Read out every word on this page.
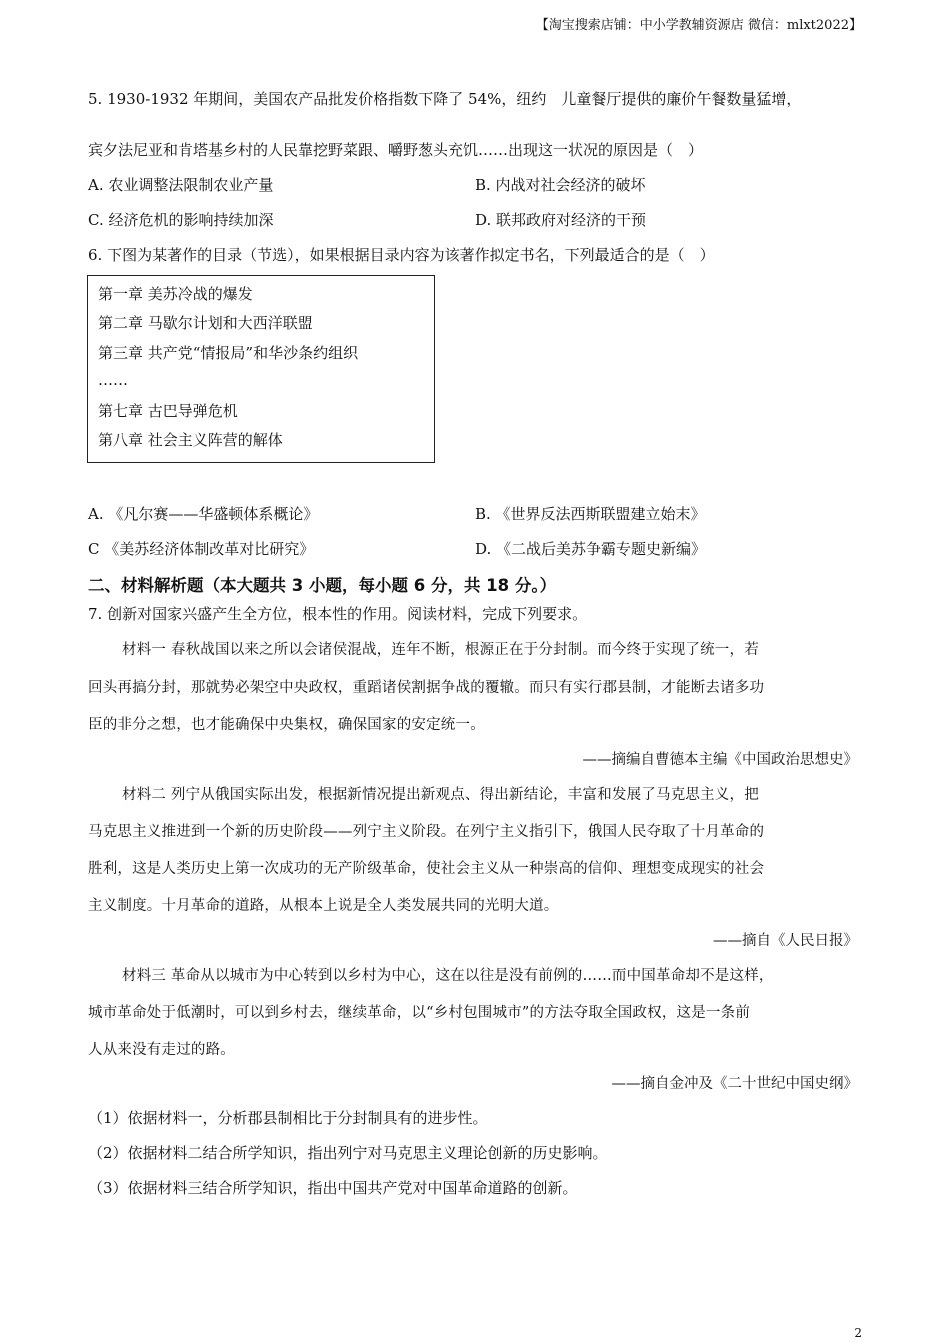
【淘宝搜索店铺：中小学教辅资源店 微信：mlxt2022】
5. 1930-1932 年期间，美国农产品批发价格指数下降了 54%，纽约　儿童餐厅提供的廉价午餐数量猛增，
宾夕法尼亚和肯塔基乡村的人民靠挖野菜跟、嚼野葱头充饥……出现这一状况的原因是（　）
A. 农业调整法限制农业产量	B. 内战对社会经济的破坏
C. 经济危机的影响持续加深	D. 联邦政府对经济的干预
6. 下图为某著作的目录（节选），如果根据目录内容为该著作拟定书名，下列最适合的是（　）
第一章 美苏冷战的爆发
第二章 马歇尔计划和大西洋联盟
第三章 共产党“情报局”和华沙条约组织
……
第七章 古巴导弹危机
第八章 社会主义阵营的解体
A. 《凡尔赛——华盛顿体系概论》	B. 《世界反法西斯联盟建立始末》
C 《美苏经济体制改革对比研究》	D. 《二战后美苏争霸专题史新编》
二、材料解析题（本大题共 3 小题，每小题 6 分，共 18 分。）
7. 创新对国家兴盛产生全方位，根本性的作用。阅读材料，完成下列要求。
材料一 春秋战国以来之所以会诸侯混战，连年不断，根源正在于分封制。而今终于实现了统一，若
回头再搞分封，那就势必架空中央政权，重蹈诸侯割据争战的覆辙。而只有实行郡县制，才能断去诸多功
臣的非分之想，也才能确保中央集权，确保国家的安定统一。
——摘编自曹德本主编《中国政治思想史》
材料二 列宁从俄国实际出发，根据新情况提出新观点、得出新结论，丰富和发展了马克思主义，把
马克思主义推进到一个新的历史阶段——列宁主义阶段。在列宁主义指引下，俄国人民夺取了十月革命的
胜利，这是人类历史上第一次成功的无产阶级革命，使社会主义从一种崇高的信仰、理想变成现实的社会
主义制度。十月革命的道路，从根本上说是全人类发展共同的光明大道。
——摘自《人民日报》
材料三 革命从以城市为中心转到以乡村为中心，这在以往是没有前例的……而中国革命却不是这样，
城市革命处于低潮时，可以到乡村去，继续革命，以“乡村包围城市”的方法夺取全国政权，这是一条前
人从来没有走过的路。
——摘自金冲及《二十世纪中国史纲》
（1）依据材料一，分析郡县制相比于分封制具有的进步性。
（2）依据材料二结合所学知识，指出列宁对马克思主义理论创新的历史影响。
（3）依据材料三结合所学知识，指出中国共产党对中国革命道路的创新。
2
